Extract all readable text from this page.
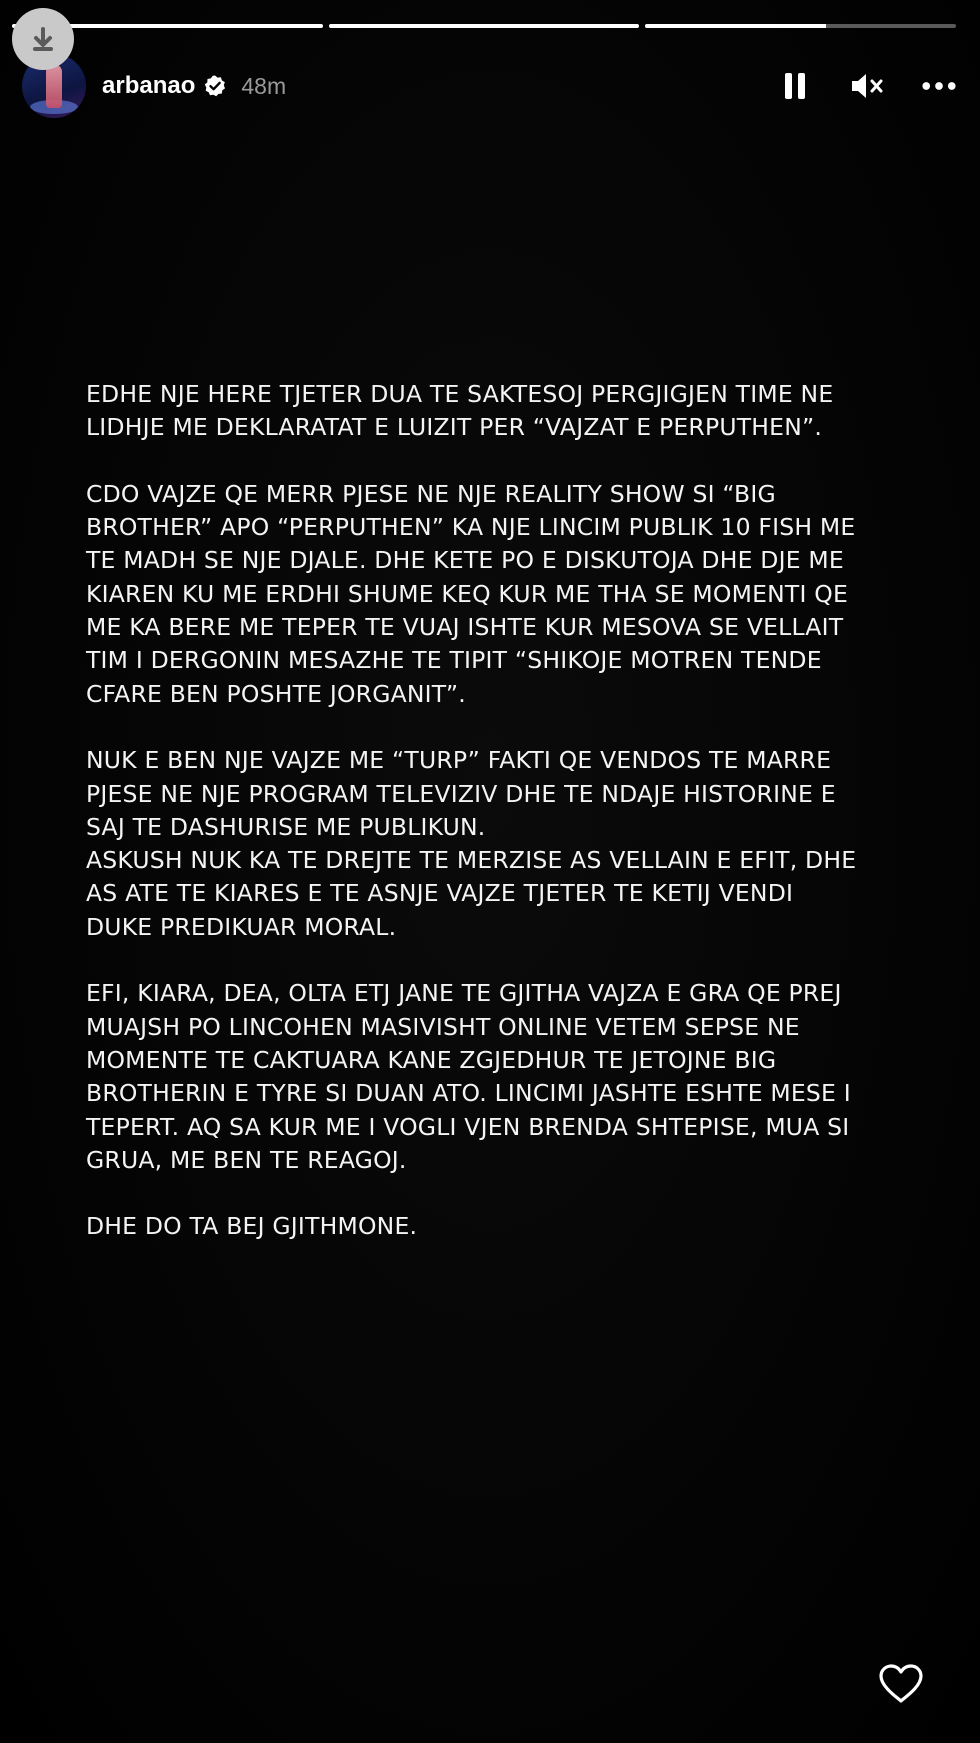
arbanao 48m

EDHE NJE HERE TJETER DUA TE SAKTESOJ PERGJIGJEN TIME NE
LIDHJE ME DEKLARATAT E LUIZIT PER “VAJZAT E PERPUTHEN”.

CDO VAJZE QE MERR PJESE NE NJE REALITY SHOW SI “BIG
BROTHER” APO “PERPUTHEN” KA NJE LINCIM PUBLIK 10 FISH ME
TE MADH SE NJE DJALE. DHE KETE PO E DISKUTOJA DHE DJE ME
KIAREN KU ME ERDHI SHUME KEQ KUR ME THA SE MOMENTI QE
ME KA BERE ME TEPER TE VUAJ ISHTE KUR MESOVA SE VELLAIT
TIM I DERGONIN MESAZHE TE TIPIT “SHIKOJE MOTREN TENDE
CFARE BEN POSHTE JORGANIT”.

NUK E BEN NJE VAJZE ME “TURP” FAKTI QE VENDOS TE MARRE
PJESE NE NJE PROGRAM TELEVIZIV DHE TE NDAJE HISTORINE E
SAJ TE DASHURISE ME PUBLIKUN.
ASKUSH NUK KA TE DREJTE TE MERZISE AS VELLAIN E EFIT, DHE
AS ATE TE KIARES E TE ASNJE VAJZE TJETER TE KETIJ VENDI
DUKE PREDIKUAR MORAL.

EFI, KIARA, DEA, OLTA ETJ JANE TE GJITHA VAJZA E GRA QE PREJ
MUAJSH PO LINCOHEN MASIVISHT ONLINE VETEM SEPSE NE
MOMENTE TE CAKTUARA KANE ZGJEDHUR TE JETOJNE BIG
BROTHERIN E TYRE SI DUAN ATO. LINCIMI JASHTE ESHTE MESE I
TEPERT. AQ SA KUR ME I VOGLI VJEN BRENDA SHTEPISE, MUA SI
GRUA, ME BEN TE REAGOJ.

DHE DO TA BEJ GJITHMONE.
